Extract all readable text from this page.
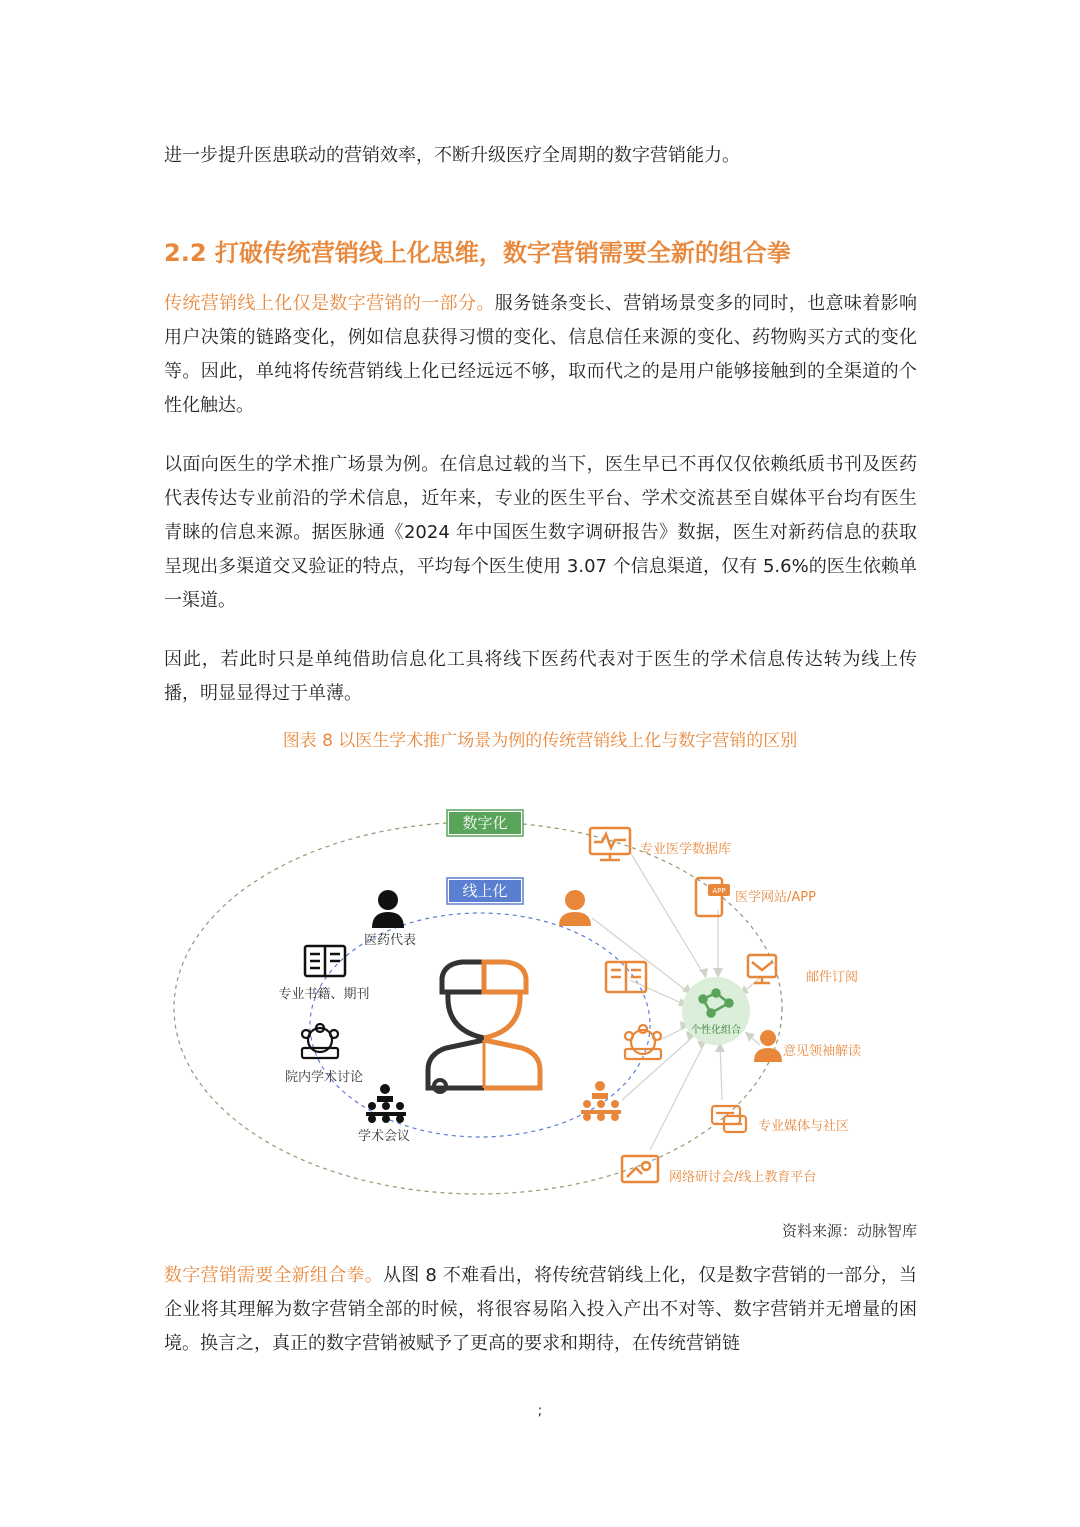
进一步提升医患联动的营销效率，不断升级医疗全周期的数字营销能力。

2.2 打破传统营销线上化思维，数字营销需要全新的组合拳

传统营销线上化仅是数字营销的一部分。服务链条变长、营销场景变多的同时，也意味着影响用户决策的链路变化，例如信息获得习惯的变化、信息信任来源的变化、药物购买方式的变化等。因此，单纯将传统营销线上化已经远远不够，取而代之的是用户能够接触到的全渠道的个性化触达。

以面向医生的学术推广场景为例。在信息过载的当下，医生早已不再仅仅依赖纸质书刊及医药代表传达专业前沿的学术信息，近年来，专业的医生平台、学术交流甚至自媒体平台均有医生青睐的信息来源。据医脉通《2024 年中国医生数字调研报告》数据，医生对新药信息的获取呈现出多渠道交叉验证的特点，平均每个医生使用 3.07 个信息渠道，仅有 5.6%的医生依赖单一渠道。

因此，若此时只是单纯借助信息化工具将线下医药代表对于医生的学术信息传达转为线上传播，明显显得过于单薄。

图表 8 以医生学术推广场景为例的传统营销线上化与数字营销的区别
数字化
线上化
个性化组合
医药代表
专业书籍、期刊
院内学术讨论
学术会议
专业医学数据库
APP 医学网站/APP
邮件订阅
意见领袖解读
专业媒体与社区
网络研讨会/线上教育平台
资料来源：动脉智库

数字营销需要全新组合拳。从图 8 不难看出，将传统营销线上化，仅是数字营销的一部分，当企业将其理解为数字营销全部的时候，将很容易陷入投入产出不对等、数字营销并无增量的困境。换言之，真正的数字营销被赋予了更高的要求和期待，在传统营销链

;
